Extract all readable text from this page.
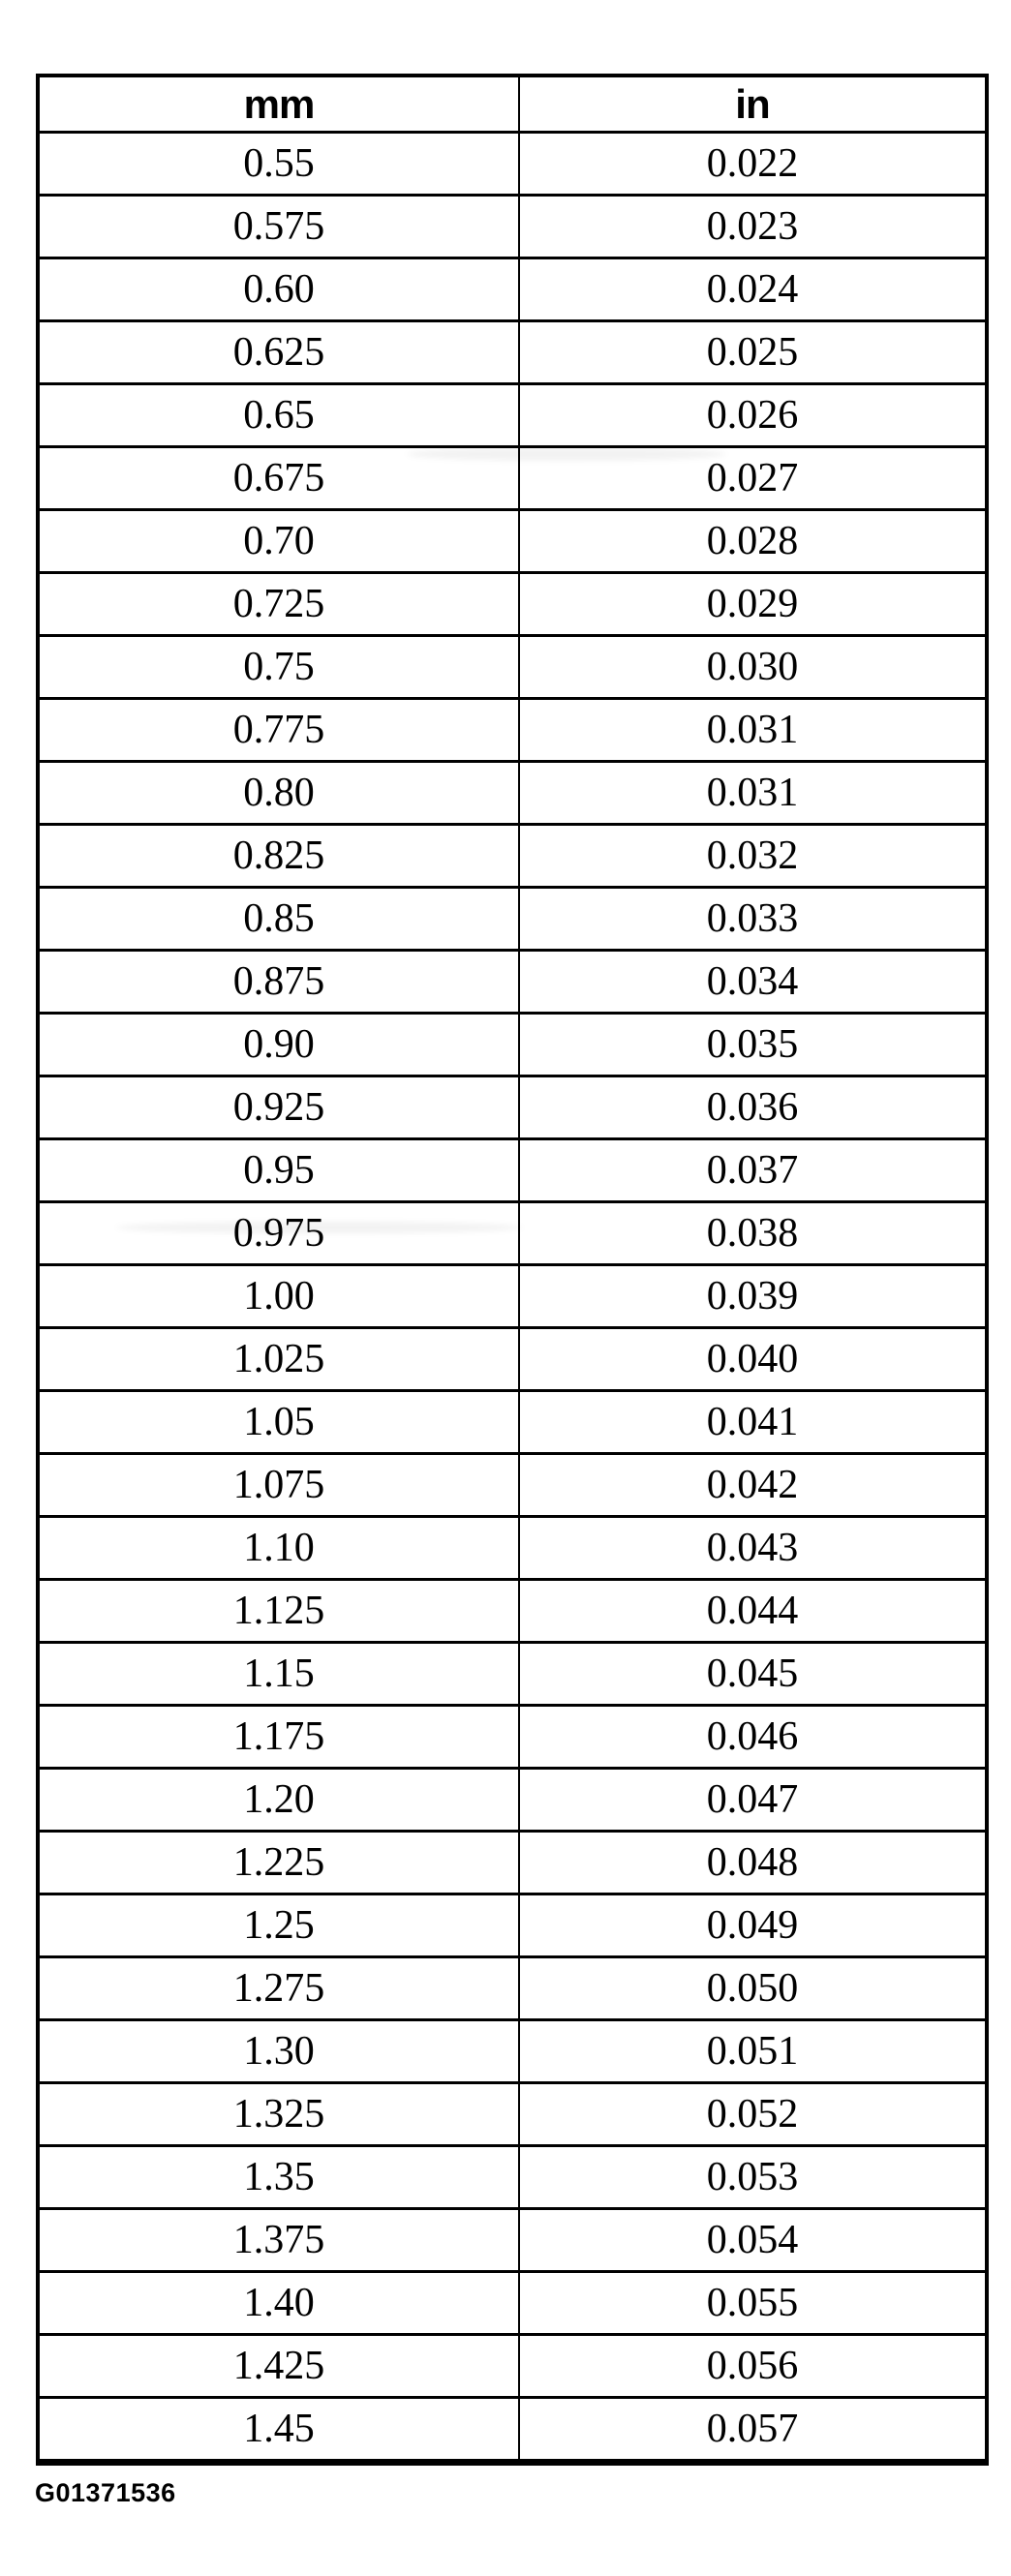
mm	in
0.55	0.022
0.575	0.023
0.60	0.024
0.625	0.025
0.65	0.026
0.675	0.027
0.70	0.028
0.725	0.029
0.75	0.030
0.775	0.031
0.80	0.031
0.825	0.032
0.85	0.033
0.875	0.034
0.90	0.035
0.925	0.036
0.95	0.037
0.975	0.038
1.00	0.039
1.025	0.040
1.05	0.041
1.075	0.042
1.10	0.043
1.125	0.044
1.15	0.045
1.175	0.046
1.20	0.047
1.225	0.048
1.25	0.049
1.275	0.050
1.30	0.051
1.325	0.052
1.35	0.053
1.375	0.054
1.40	0.055
1.425	0.056
1.45	0.057
G01371536
